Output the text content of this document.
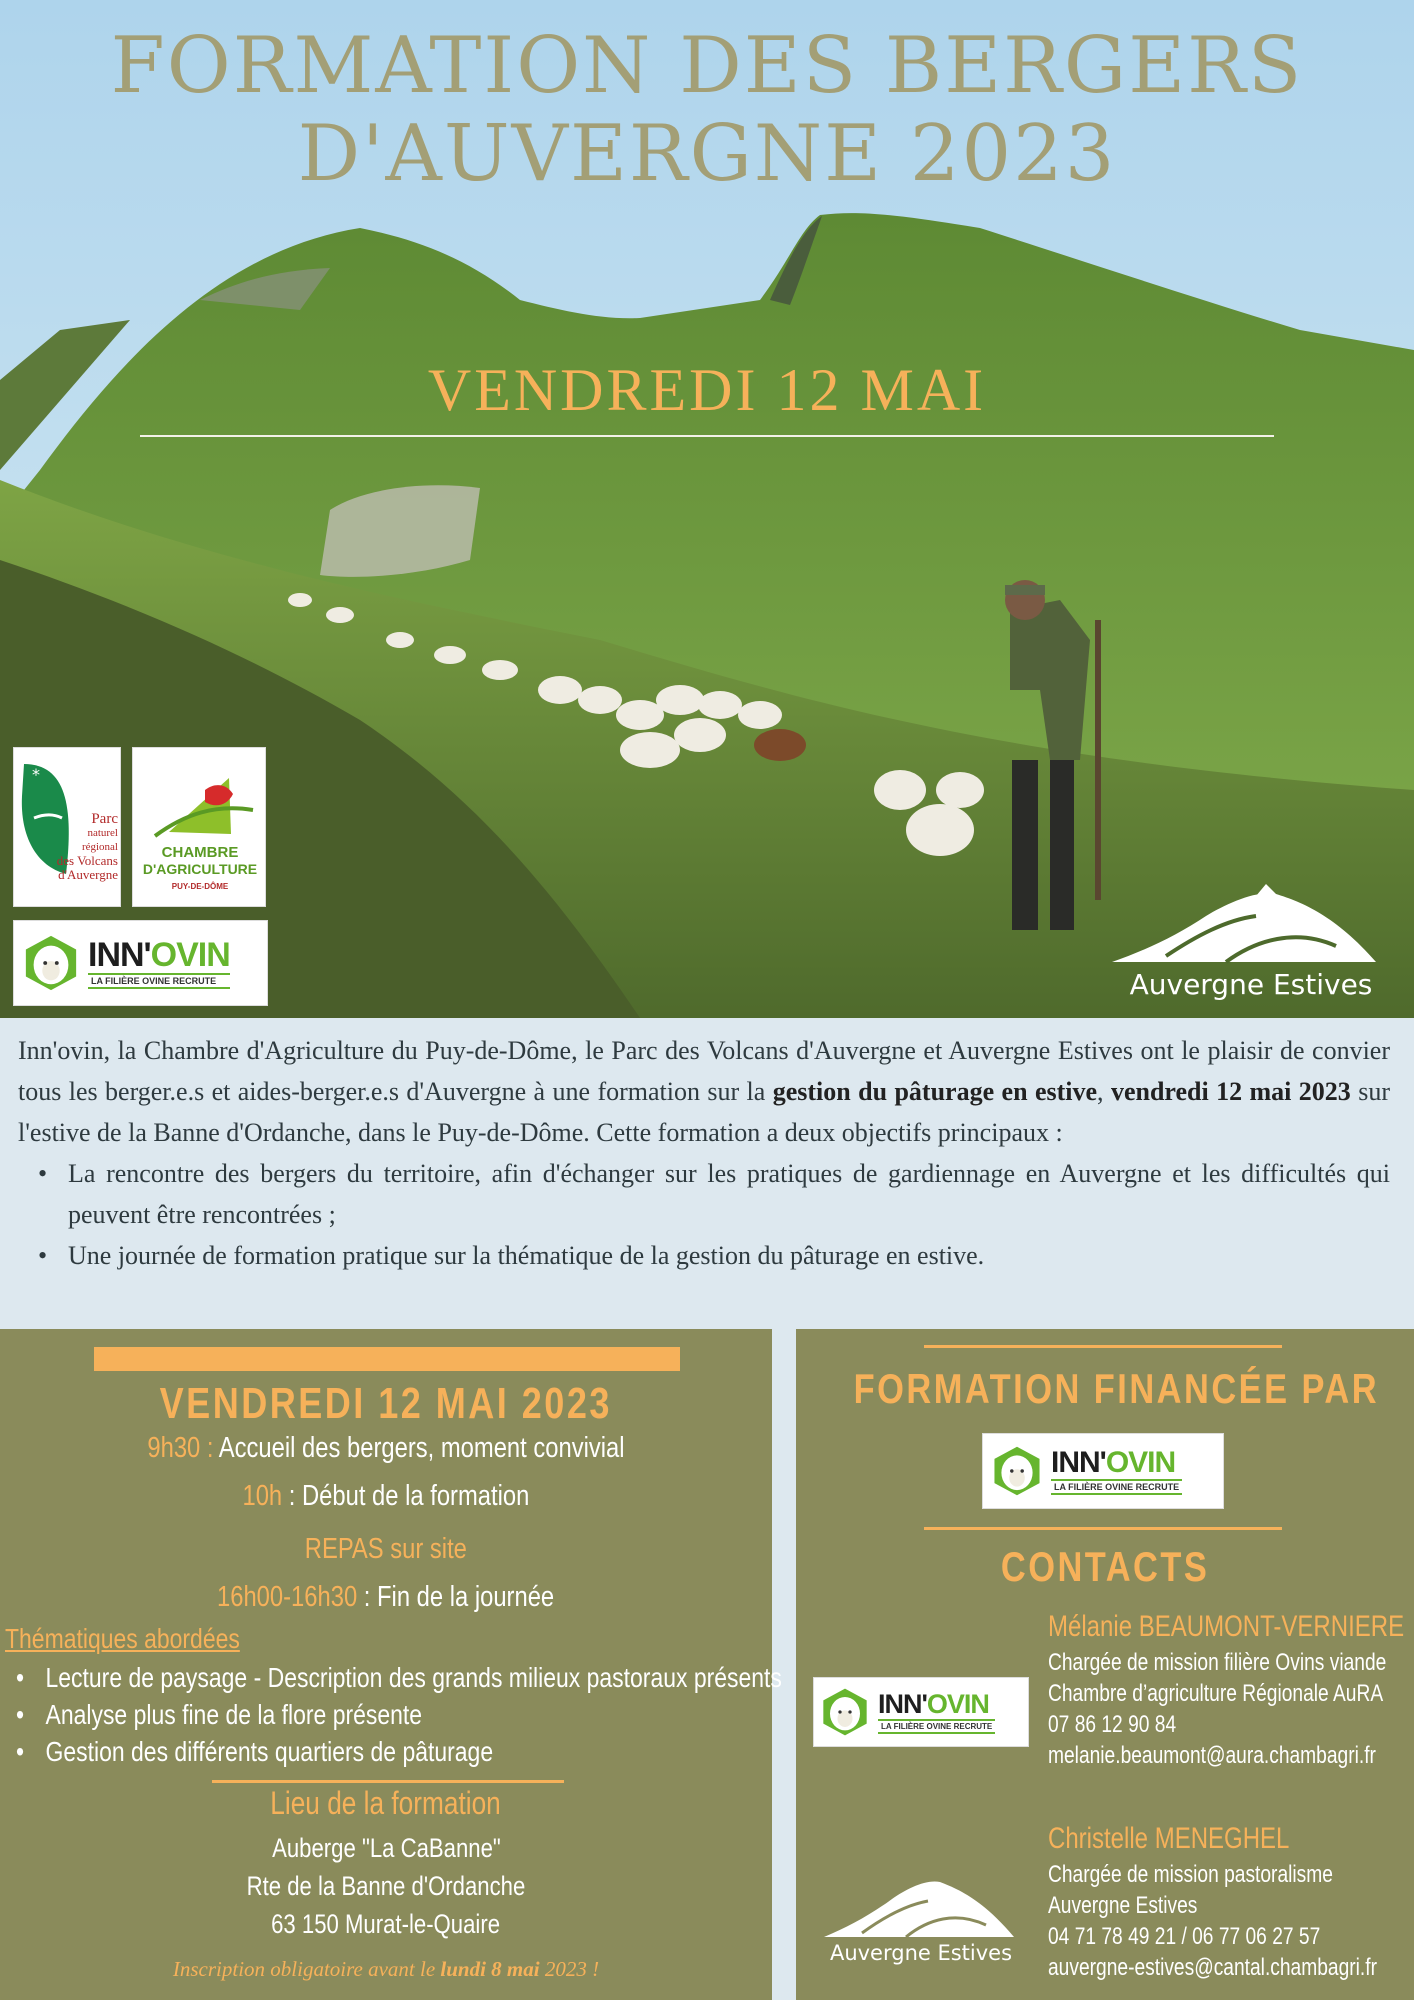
FORMATION DES BERGERS
D'AUVERGNE 2023
VENDREDI 12 MAI
*
Parc
naturel
régional
des Volcans
d'Auvergne
CHAMBRE
D'AGRICULTURE
PUY-DE-DÔME
INN'OVIN
LA FILIÈRE OVINE RECRUTE	Auvergne Estives

Inn'ovin, la Chambre d'Agriculture du Puy-de-Dôme, le Parc des Volcans d'Auvergne et Auvergne Estives ont le plaisir de convier tous les berger.e.s et aides-berger.e.s d'Auvergne à une formation sur la gestion du pâturage en estive, vendredi 12 mai 2023 sur l'estive de la Banne d'Ordanche, dans le Puy-de-Dôme. Cette formation a deux objectifs principaux :

• La rencontre des bergers du territoire, afin d'échanger sur les pratiques de gardiennage en Auvergne et les difficultés qui peuvent être rencontrées ;
• Une journée de formation pratique sur la thématique de la gestion du pâturage en estive.
VENDREDI 12 MAI 2023
9h30 : Accueil des bergers, moment convivial
10h : Début de la formation
REPAS sur site
16h00-16h30 : Fin de la journée
Thématiques abordées
• Lecture de paysage - Description des grands milieux pastoraux présents
• Analyse plus fine de la flore présente
• Gestion des différents quartiers de pâturage
Lieu de la formation
Auberge "La CaBanne"
Rte de la Banne d'Ordanche
63 150 Murat-le-Quaire
Inscription obligatoire avant le lundi 8 mai 2023 !
FORMATION FINANCÉE PAR
INN'OVIN
LA FILIÈRE OVINE RECRUTE
CONTACTS
INN'OVIN
LA FILIÈRE OVINE RECRUTE
Mélanie BEAUMONT-VERNIERE
Chargée de mission filière Ovins viande
Chambre d’agriculture Régionale AuRA
07 86 12 90 84
melanie.beaumont@aura.chambagri.fr
Auvergne Estives
Christelle MENEGHEL
Chargée de mission pastoralisme
Auvergne Estives
04 71 78 49 21 / 06 77 06 27 57
auvergne-estives@cantal.chambagri.fr
